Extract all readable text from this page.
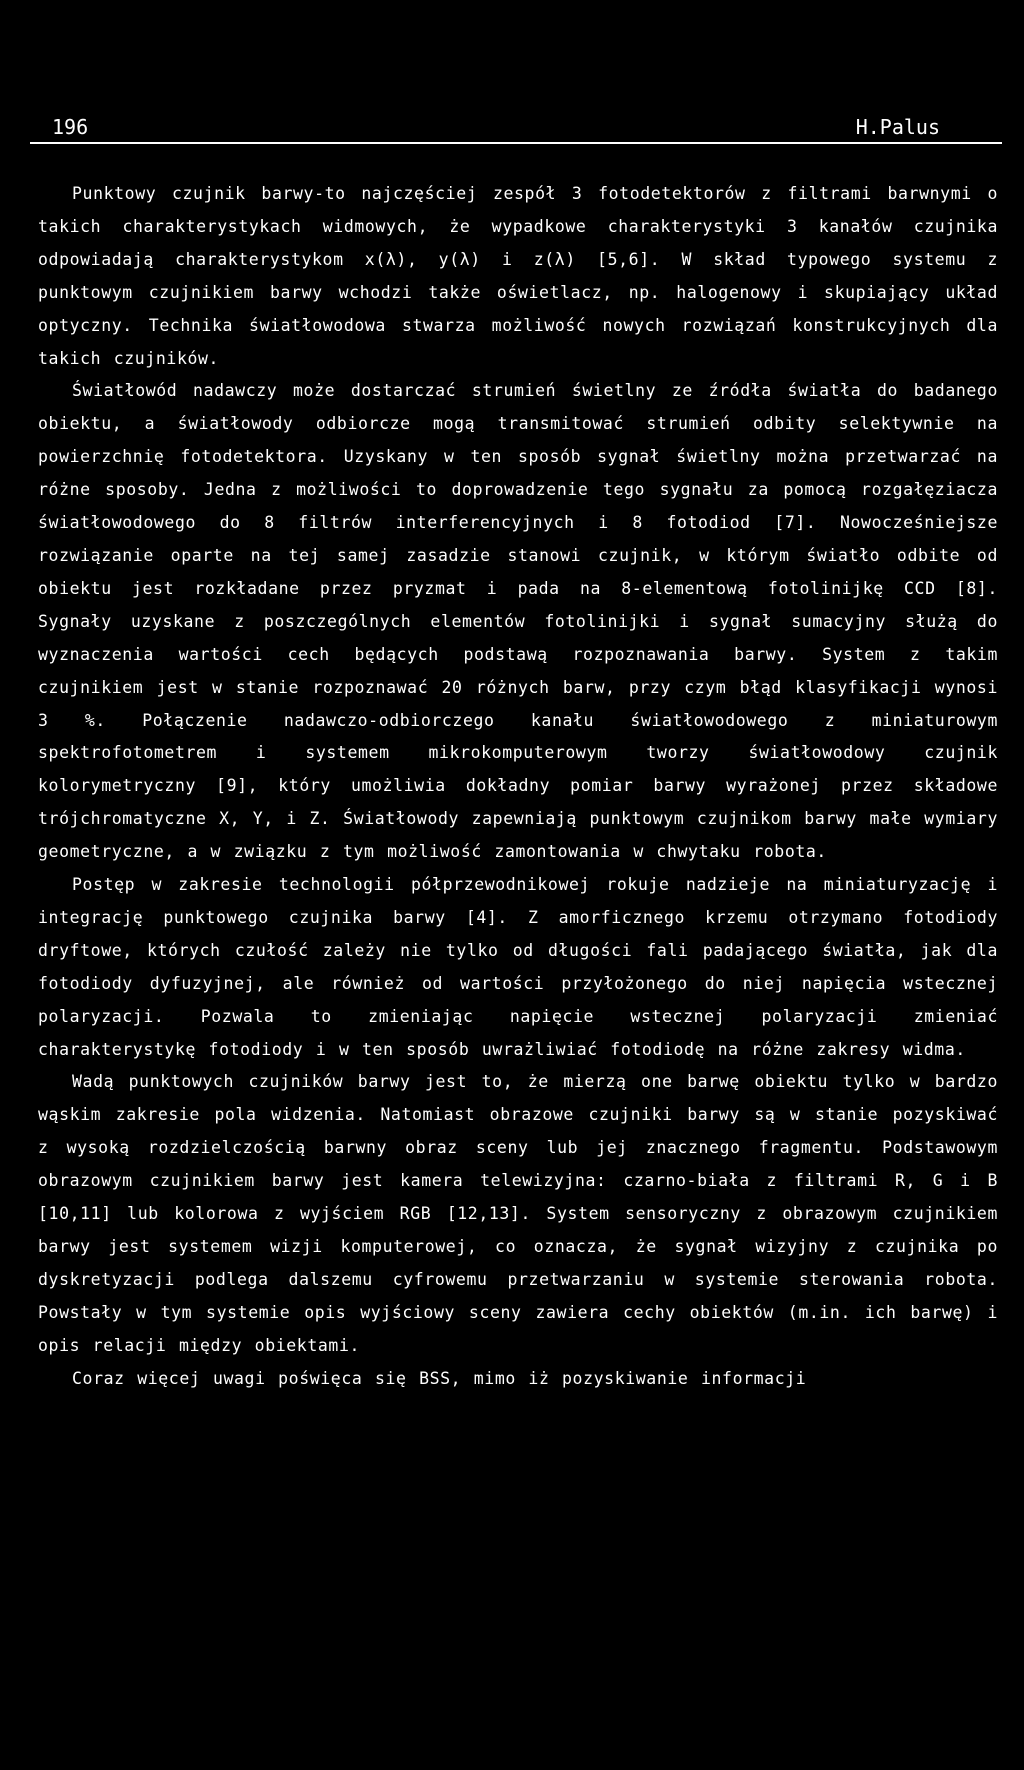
196	H.Palus

Punktowy czujnik barwy-to najczęściej zespół 3 fotodetektorów z filtrami barwnymi o takich charakterystykach widmowych, że wypadkowe charakterystyki 3 kanałów czujnika odpowiadają charakterystykom x(λ), y(λ) i z(λ) [5,6]. W skład typowego systemu z punktowym czujnikiem barwy wchodzi także oświetlacz, np. halogenowy i skupiający układ optyczny. Technika światłowodowa stwarza możliwość nowych rozwiązań konstrukcyjnych dla takich czujników.

Światłowód nadawczy może dostarczać strumień świetlny ze źródła światła do badanego obiektu, a światłowody odbiorcze mogą transmitować strumień odbity selektywnie na powierzchnię fotodetektora. Uzyskany w ten sposób sygnał świetlny można przetwarzać na różne sposoby. Jedna z możliwości to doprowadzenie tego sygnału za pomocą rozgałęziacza światłowodowego do 8 filtrów interferencyjnych i 8 fotodiod [7]. Nowocześniejsze rozwiązanie oparte na tej samej zasadzie stanowi czujnik, w którym światło odbite od obiektu jest rozkładane przez pryzmat i pada na 8-elementową fotolinijkę CCD [8]. Sygnały uzyskane z poszczególnych elementów fotolinijki i sygnał sumacyjny służą do wyznaczenia wartości cech będących podstawą rozpoznawania barwy. System z takim czujnikiem jest w stanie rozpoznawać 20 różnych barw, przy czym błąd klasyfikacji wynosi 3 %. Połączenie nadawczo-odbiorczego kanału światłowodowego z miniaturowym spektrofotometrem i systemem mikrokomputerowym tworzy światłowodowy czujnik kolorymetryczny [9], który umożliwia dokładny pomiar barwy wyrażonej przez składowe trójchromatyczne X, Y, i Z. Światłowody zapewniają punktowym czujnikom barwy małe wymiary geometryczne, a w związku z tym możliwość zamontowania w chwytaku robota.

Postęp w zakresie technologii półprzewodnikowej rokuje nadzieje na miniaturyzację i integrację punktowego czujnika barwy [4]. Z amorficznego krzemu otrzymano fotodiody dryftowe, których czułość zależy nie tylko od długości fali padającego światła, jak dla fotodiody dyfuzyjnej, ale również od wartości przyłożonego do niej napięcia wstecznej polaryzacji. Pozwala to zmieniając napięcie wstecznej polaryzacji zmieniać charakterystykę fotodiody i w ten sposób uwrażliwiać fotodiodę na różne zakresy widma.

Wadą punktowych czujników barwy jest to, że mierzą one barwę obiektu tylko w bardzo wąskim zakresie pola widzenia. Natomiast obrazowe czujniki barwy są w stanie pozyskiwać z wysoką rozdzielczością barwny obraz sceny lub jej znacznego fragmentu. Podstawowym obrazowym czujnikiem barwy jest kamera telewizyjna: czarno-biała z filtrami R, G i B [10,11] lub kolorowa z wyjściem RGB [12,13]. System sensoryczny z obrazowym czujnikiem barwy jest systemem wizji komputerowej, co oznacza, że sygnał wizyjny z czujnika po dyskretyzacji podlega dalszemu cyfrowemu przetwarzaniu w systemie sterowania robota. Powstały w tym systemie opis wyjściowy sceny zawiera cechy obiektów (m.in. ich barwę) i opis relacji między obiektami.

Coraz więcej uwagi poświęca się BSS, mimo iż pozyskiwanie informacji
